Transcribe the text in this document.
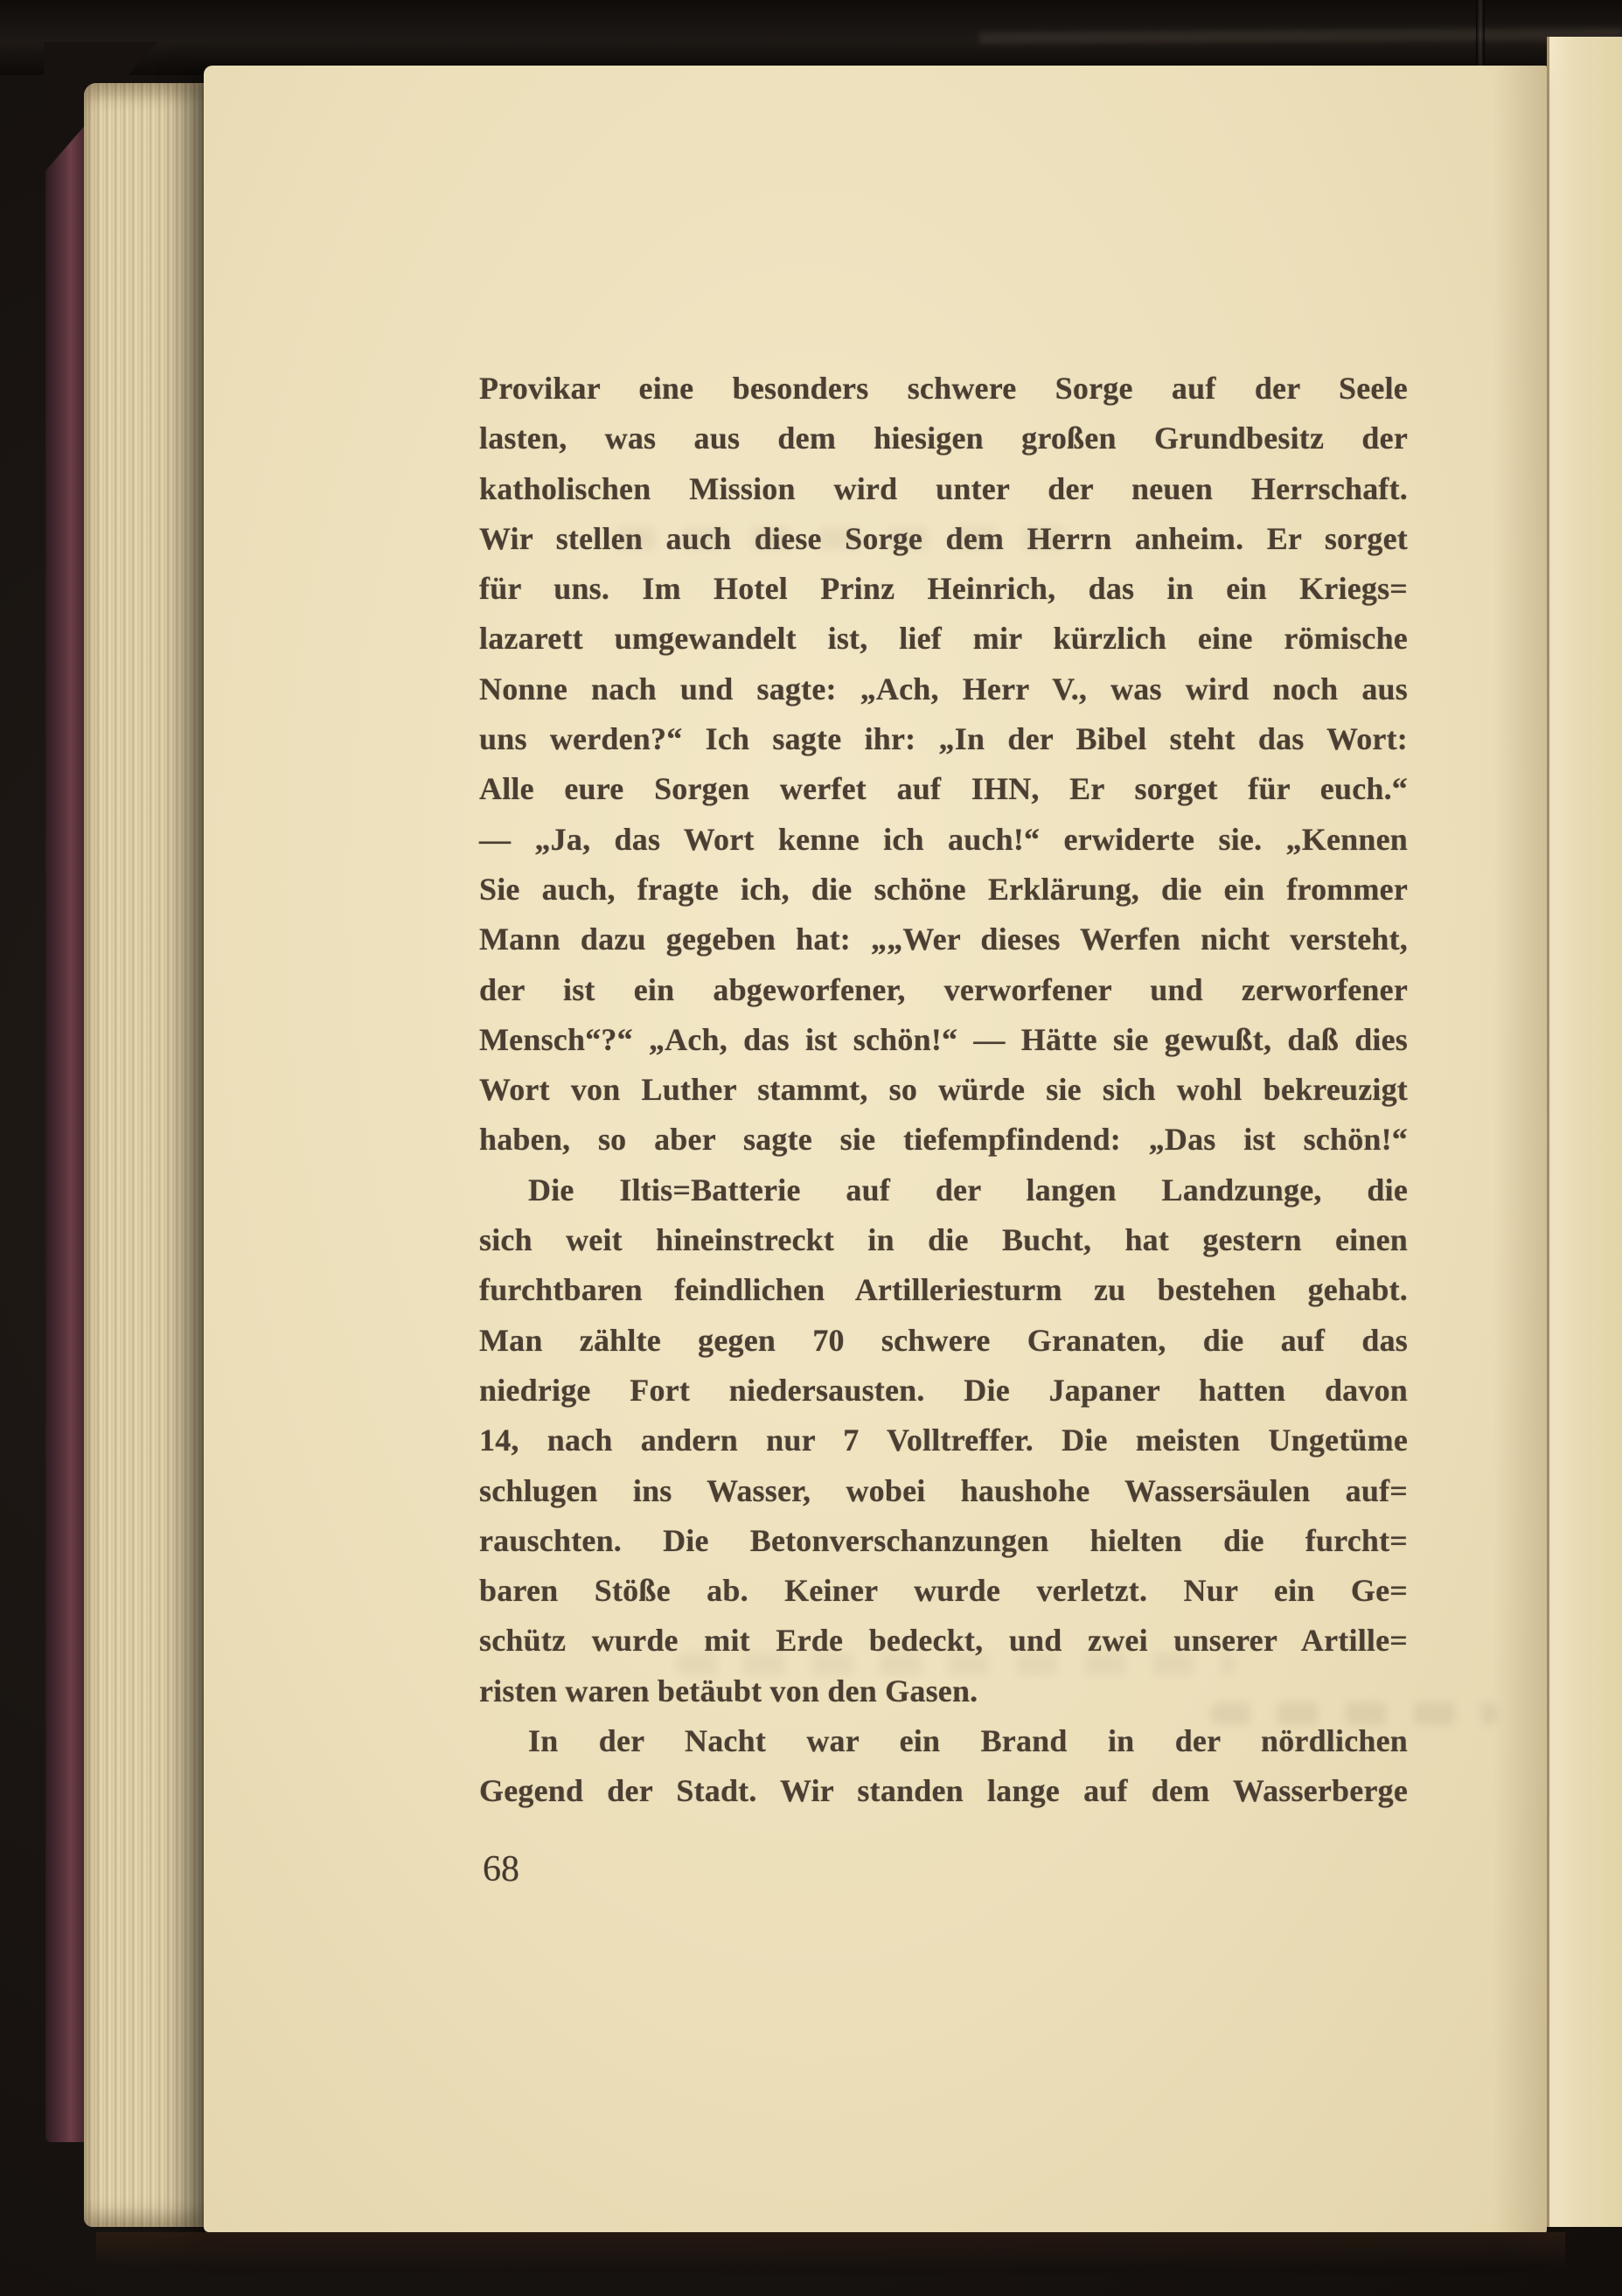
Provikar eine besonders schwere Sorge auf der Seele
lasten, was aus dem hiesigen großen Grundbesitz der
katholischen Mission wird unter der neuen Herrschaft.
Wir stellen auch diese Sorge dem Herrn anheim. Er sorget
für uns. Im Hotel Prinz Heinrich, das in ein Kriegs=
lazarett umgewandelt ist, lief mir kürzlich eine römische
Nonne nach und sagte: „Ach, Herr V., was wird noch aus
uns werden?“ Ich sagte ihr: „In der Bibel steht das Wort:
Alle eure Sorgen werfet auf IHN, Er sorget für euch.“
— „Ja, das Wort kenne ich auch!“ erwiderte sie. „Kennen
Sie auch, fragte ich, die schöne Erklärung, die ein frommer
Mann dazu gegeben hat: „„Wer dieses Werfen nicht versteht,
der ist ein abgeworfener, verworfener und zerworfener
Mensch“?“ „Ach, das ist schön!“ — Hätte sie gewußt, daß dies
Wort von Luther stammt, so würde sie sich wohl bekreuzigt
haben, so aber sagte sie tiefempfindend: „Das ist schön!“
Die Iltis=Batterie auf der langen Landzunge, die
sich weit hineinstreckt in die Bucht, hat gestern einen
furchtbaren feindlichen Artilleriesturm zu bestehen gehabt.
Man zählte gegen 70 schwere Granaten, die auf das
niedrige Fort niedersausten. Die Japaner hatten davon
14, nach andern nur 7 Volltreffer. Die meisten Ungetüme
schlugen ins Wasser, wobei haushohe Wassersäulen auf=
rauschten. Die Betonverschanzungen hielten die furcht=
baren Stöße ab. Keiner wurde verletzt. Nur ein Ge=
schütz wurde mit Erde bedeckt, und zwei unserer Artille=
risten waren betäubt von den Gasen.
In der Nacht war ein Brand in der nördlichen
Gegend der Stadt. Wir standen lange auf dem Wasserberge
68
